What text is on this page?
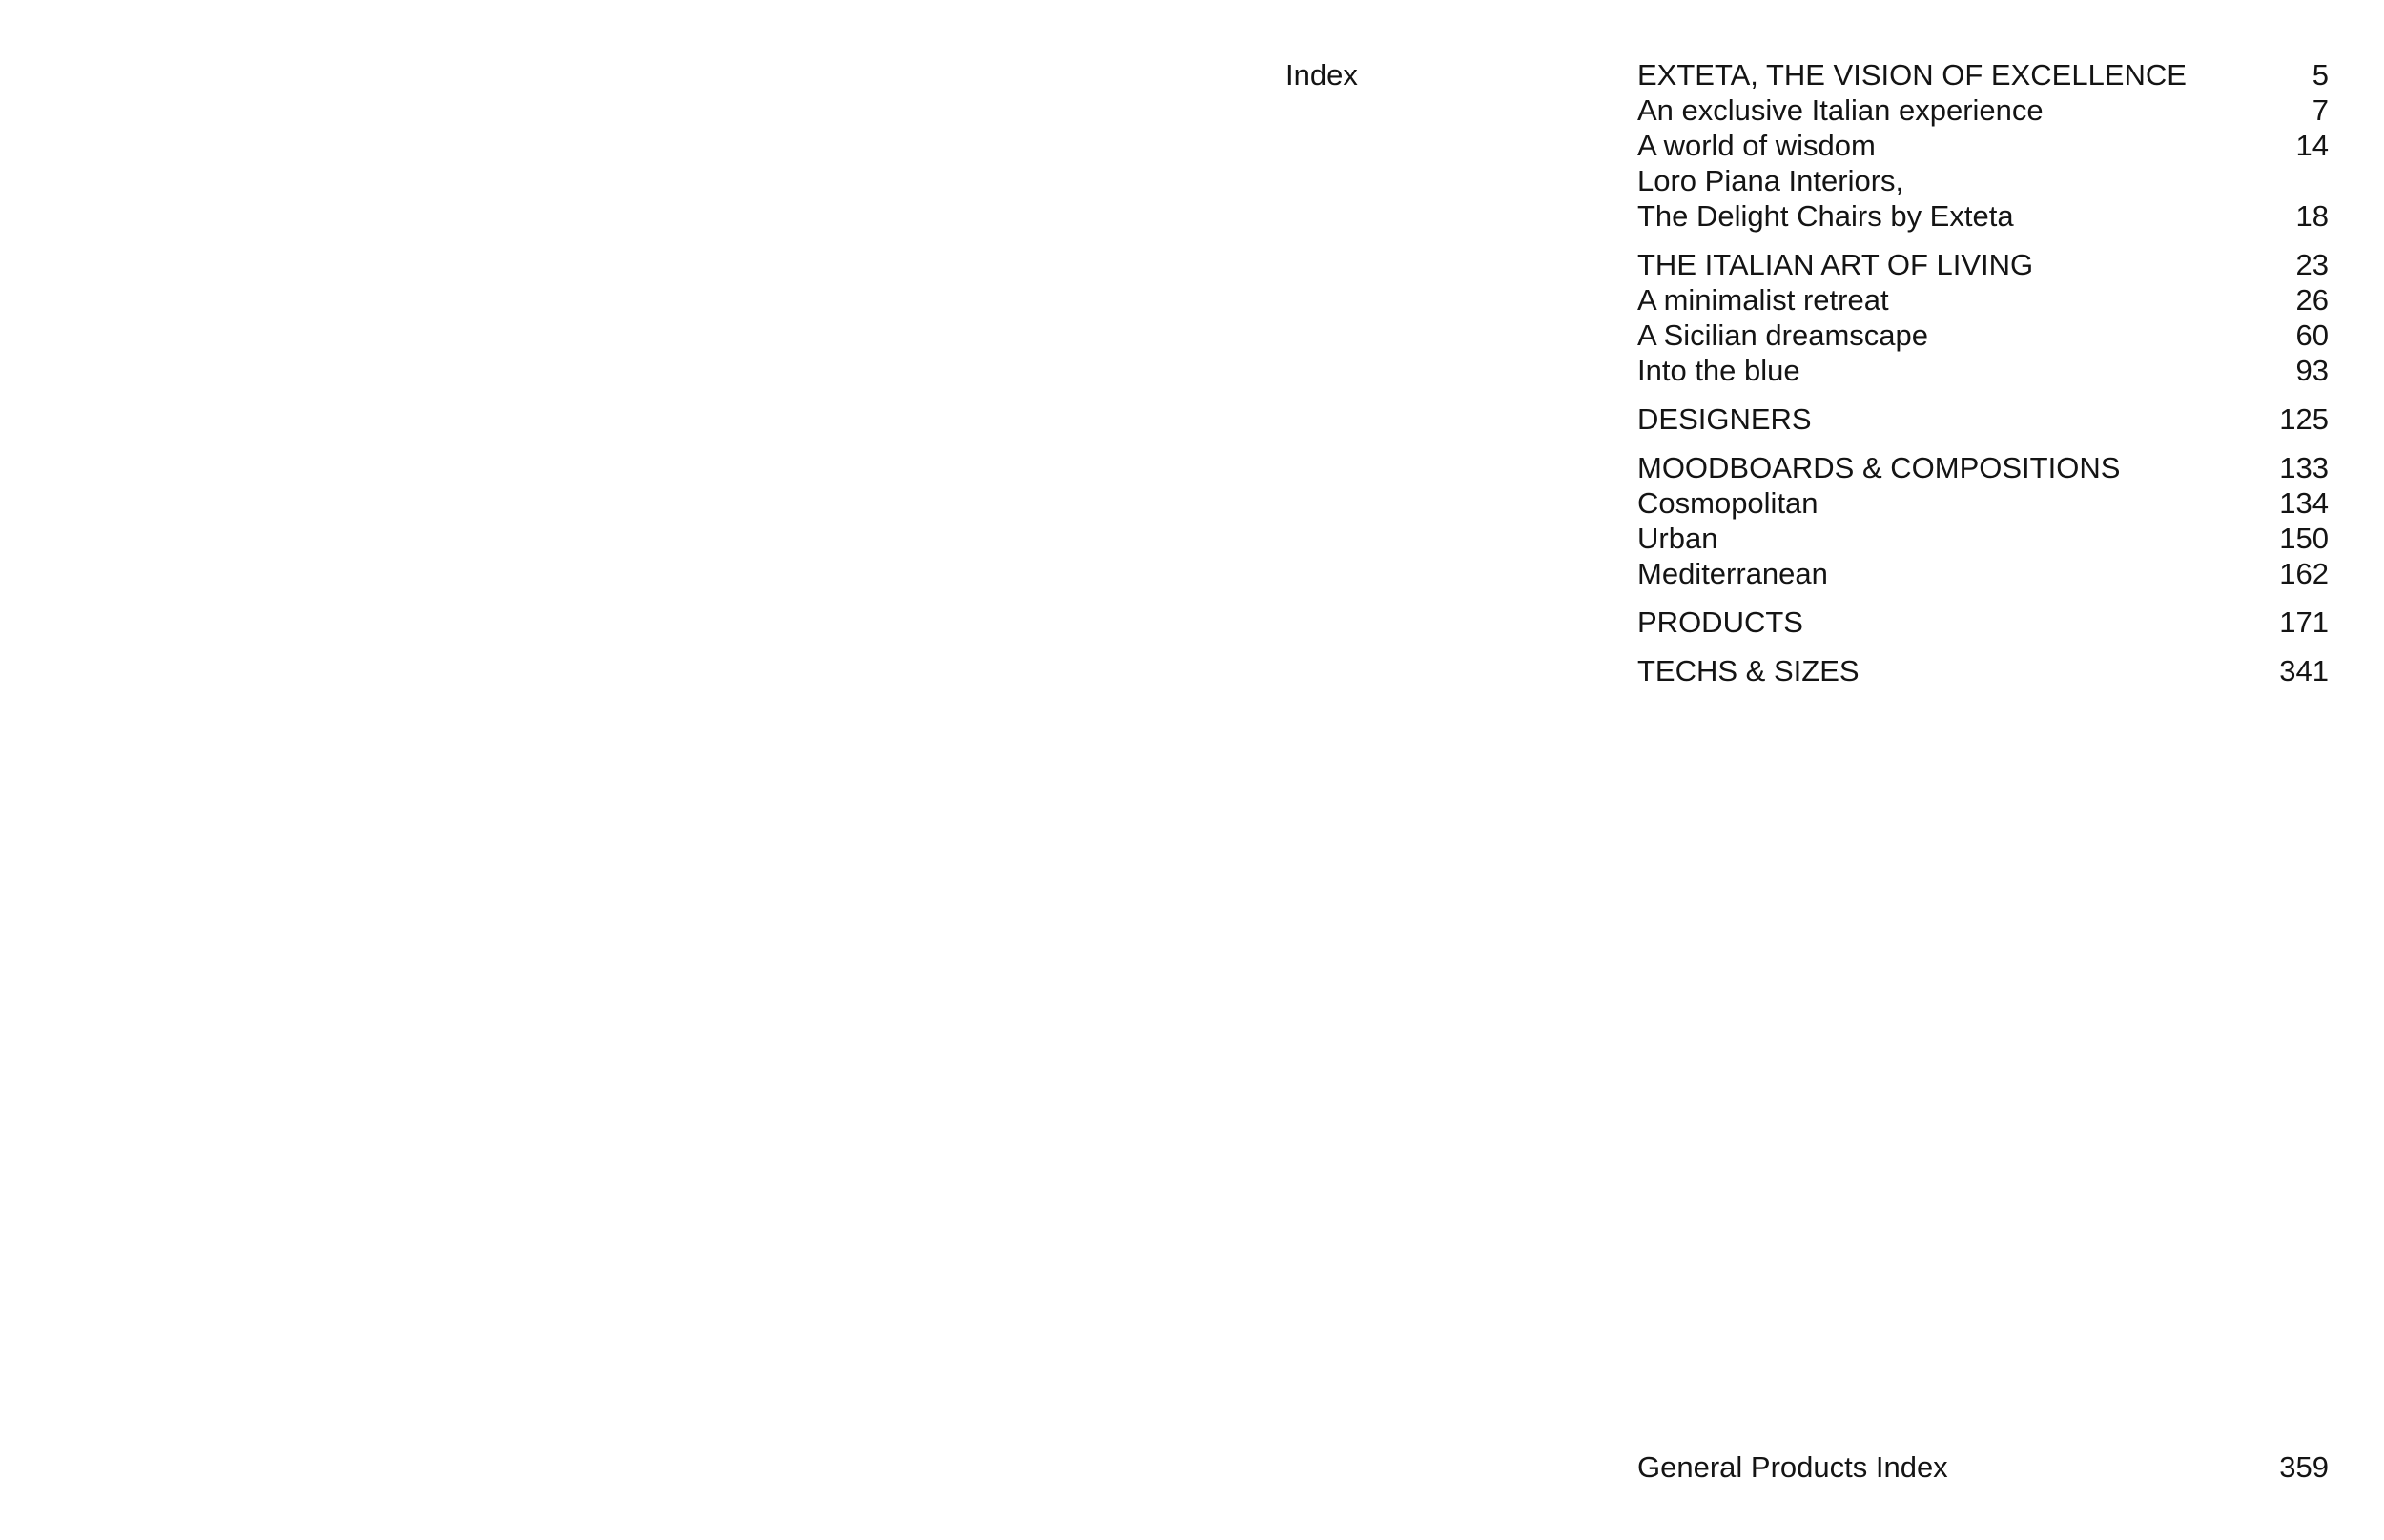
Index	EXTETA, THE VISION OF EXCELLENCE	5
An exclusive Italian experience	7
A world of wisdom	14
Loro Piana Interiors,
The Delight Chairs by Exteta	18
THE ITALIAN ART OF LIVING	23
A minimalist retreat	26
A Sicilian dreamscape	60
Into the blue	93
DESIGNERS	125
MOODBOARDS & COMPOSITIONS	133
Cosmopolitan	134
Urban	150
Mediterranean	162
PRODUCTS	171
TECHS & SIZES	341
General Products Index	359
